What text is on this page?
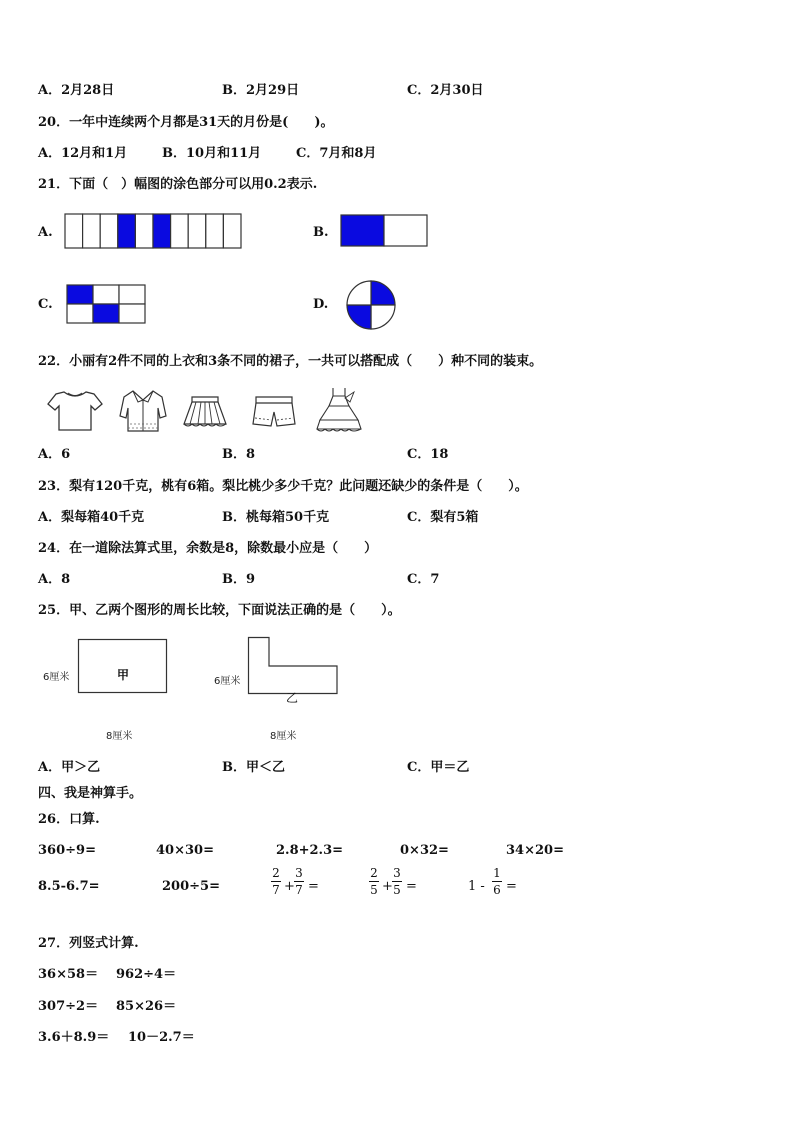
A．2月28日	B．2月29日	C．2月30日
20．一年中连续两个月都是31天的月份是(　　)。
A．12月和1月	B．10月和11月	C．7月和8月
21．下面（　）幅图的涂色部分可以用0.2表示.
A.	B.
C.	D.
22．小丽有2件不同的上衣和3条不同的裙子，一共可以搭配成（　　）种不同的装束。
A．6	B．8	C．18
23．梨有120千克，桃有6箱。梨比桃少多少千克？此问题还缺少的条件是（　　）。
A．梨每箱40千克	B．桃每箱50千克	C．梨有5箱
24．在一道除法算式里，余数是8，除数最小应是（　　）
A．8	B．9	C．7
25．甲、乙两个图形的周长比较，下面说法正确的是（　　）。
甲
6厘米
8厘米
乙
6厘米
8厘米
A．甲＞乙	B．甲＜乙	C．甲＝乙
四、我是神算手。
26．口算.
360÷9=	40×30=	2.8+2.3=	0×32=	34×20=
8.5-6.7=	200÷5=
2
7 +
3
7 =
2
5 +
3
5 =	1 -
1
6 =
27．列竖式计算.
36×58＝ 962÷4＝
307÷2＝ 85×26＝
3.6＋8.9＝ 10－2.7＝
